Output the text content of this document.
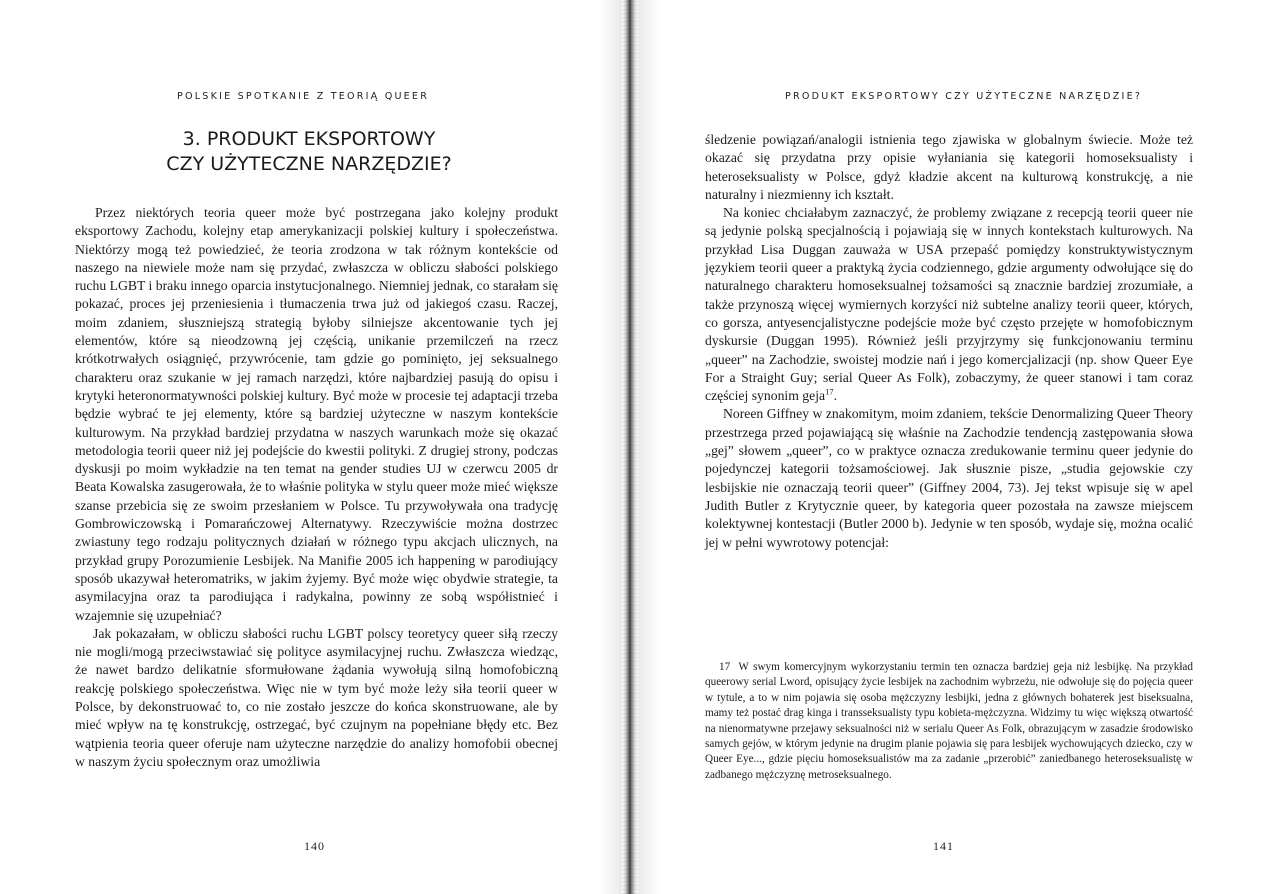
POLSKIE SPOTKANIE Z TEORIĄ QUEER
3. PRODUKT EKSPORTOWY
CZY UŻYTECZNE NARZĘDZIE?

Przez niektórych teoria queer może być postrzegana jako kolejny produkt eksportowy Zachodu, kolejny etap amerykanizacji polskiej kultury i społeczeństwa. Niektórzy mogą też powiedzieć, że teoria zrodzona w tak różnym kontekście od naszego na niewiele może nam się przydać, zwłaszcza w obliczu słabości polskiego ruchu LGBT i braku innego oparcia instytucjonalnego. Niemniej jednak, co starałam się pokazać, proces jej przeniesienia i tłumaczenia trwa już od jakiegoś czasu. Raczej, moim zdaniem, słuszniejszą strategią byłoby silniejsze akcentowanie tych jej elementów, które są nieodzowną jej częścią, unikanie przemilczeń na rzecz krótkotrwałych osiągnięć, przywrócenie, tam gdzie go pominięto, jej seksualnego charakteru oraz szukanie w jej ramach narzędzi, które najbardziej pasują do opisu i krytyki heteronormatywności polskiej kultury. Być może w procesie tej adaptacji trzeba będzie wybrać te jej elementy, które są bardziej użyteczne w naszym kontekście kulturowym. Na przykład bardziej przydatna w naszych warunkach może się okazać metodologia teorii queer niż jej podejście do kwestii polityki. Z drugiej strony, podczas dyskusji po moim wykładzie na ten temat na gender studies UJ w czerwcu 2005 dr Beata Kowalska zasugerowała, że to właśnie polityka w stylu queer może mieć większe szanse przebicia się ze swoim przesłaniem w Polsce. Tu przywoływała ona tradycję Gombrowiczowską i Pomarańczowej Alternatywy. Rzeczywiście można dostrzec zwiastuny tego rodzaju politycznych działań w różnego typu akcjach ulicznych, na przykład grupy Porozumienie Lesbijek. Na Manifie 2005 ich happening w parodiujący sposób ukazywał heteromatriks, w jakim żyjemy. Być może więc obydwie strategie, ta asymilacyjna oraz ta parodiująca i radykalna, powinny ze sobą współistnieć i wzajemnie się uzupełniać?

Jak pokazałam, w obliczu słabości ruchu LGBT polscy teoretycy queer siłą rzeczy nie mogli/mogą przeciwstawiać się polityce asymilacyjnej ruchu. Zwłaszcza wiedząc, że nawet bardzo delikatnie sformułowane żądania wywołują silną homofobiczną reakcję polskiego społeczeństwa. Więc nie w tym być może leży siła teorii queer w Polsce, by dekonstruować to, co nie zostało jeszcze do końca skonstruowane, ale by mieć wpływ na tę konstrukcję, ostrzegać, być czujnym na popełniane błędy etc. Bez wątpienia teoria queer oferuje nam użyteczne narzędzie do analizy homofobii obecnej w naszym życiu społecznym oraz umożliwia

140
PRODUKT EKSPORTOWY CZY UŻYTECZNE NARZĘDZIE?

śledzenie powiązań/analogii istnienia tego zjawiska w globalnym świecie. Może też okazać się przydatna przy opisie wyłaniania się kategorii homoseksualisty i heteroseksualisty w Polsce, gdyż kładzie akcent na kulturową konstrukcję, a nie naturalny i niezmienny ich kształt.

Na koniec chciałabym zaznaczyć, że problemy związane z recepcją teorii queer nie są jedynie polską specjalnością i pojawiają się w innych kontekstach kulturowych. Na przykład Lisa Duggan zauważa w USA przepaść pomiędzy konstruktywistycznym językiem teorii queer a praktyką życia codziennego, gdzie argumenty odwołujące się do naturalnego charakteru homoseksualnej tożsamości są znacznie bardziej zrozumiałe, a także przynoszą więcej wymiernych korzyści niż subtelne analizy teorii queer, których, co gorsza, antyesencjalistyczne podejście może być często przejęte w homofobicznym dyskursie (Duggan 1995). Również jeśli przyjrzymy się funkcjonowaniu terminu „queer” na Zachodzie, swoistej modzie nań i jego komercjalizacji (np. show Queer Eye For a Straight Guy; serial Queer As Folk), zobaczymy, że queer stanowi i tam coraz częściej synonim geja$^{17}$.

Noreen Giffney w znakomitym, moim zdaniem, tekście Denormalizing Queer Theory przestrzega przed pojawiającą się właśnie na Zachodzie tendencją zastępowania słowa „gej” słowem „queer”, co w praktyce oznacza zredukowanie terminu queer jedynie do pojedynczej kategorii tożsamościowej. Jak słusznie pisze, „studia gejowskie czy lesbijskie nie oznaczają teorii queer” (Giffney 2004, 73). Jej tekst wpisuje się w apel Judith Butler z Krytycznie queer, by kategoria queer pozostała na zawsze miejscem kolektywnej kontestacji (Butler 2000 b). Jedynie w ten sposób, wydaje się, można ocalić jej w pełni wywrotowy potencjał:

17 W swym komercyjnym wykorzystaniu termin ten oznacza bardziej geja niż lesbijkę. Na przykład queerowy serial Lword, opisujący życie lesbijek na zachodnim wybrzeżu, nie odwołuje się do pojęcia queer w tytule, a to w nim pojawia się osoba mężczyzny lesbijki, jedna z głównych bohaterek jest biseksualna, mamy też postać drag kinga i transseksualisty typu kobieta-mężczyzna. Widzimy tu więc większą otwartość na nienormatywne przejawy seksualności niż w serialu Queer As Folk, obrazującym w zasadzie środowisko samych gejów, w którym jedynie na drugim planie pojawia się para lesbijek wychowujących dziecko, czy w Queer Eye..., gdzie pięciu homoseksualistów ma za zadanie „przerobić” zaniedbanego heteroseksualistę w zadbanego mężczyznę metroseksualnego.
141
